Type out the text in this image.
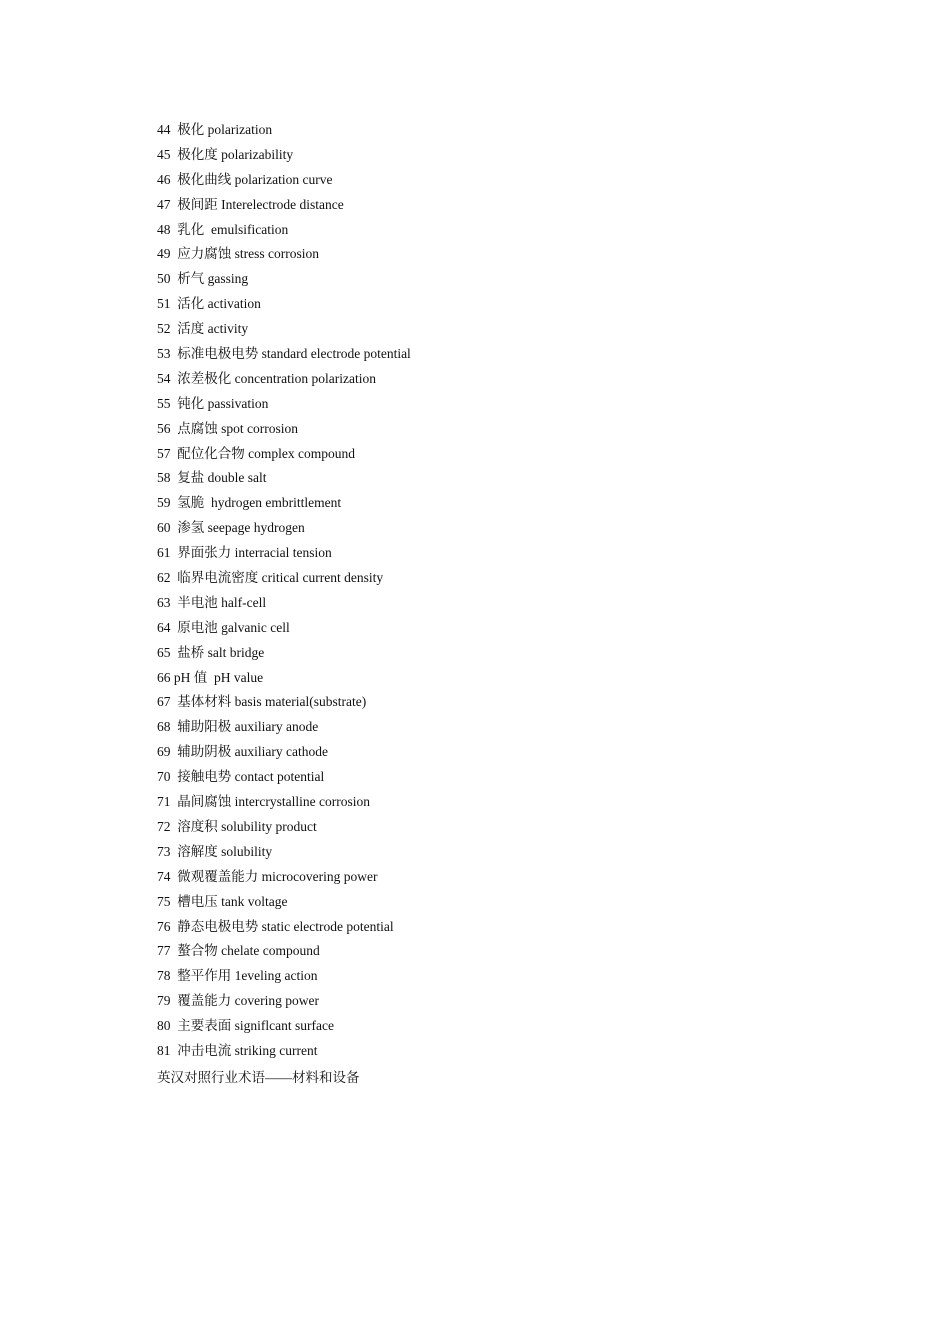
44  极化 polarization
45  极化度 polarizability
46  极化曲线 polarization curve
47  极间距 Interelectrode distance
48  乳化  emulsification
49  应力腐蚀 stress corrosion
50  析气 gassing
51  活化 activation
52  活度 activity
53  标准电极电势 standard electrode potential
54  浓差极化 concentration polarization
55  钝化 passivation
56  点腐蚀 spot corrosion
57  配位化合物 complex compound
58  复盐 double salt
59  氢脆  hydrogen embrittlement
60  渗氢 seepage hydrogen
61  界面张力 interracial tension
62  临界电流密度 critical current density
63  半电池 half-cell
64  原电池 galvanic cell
65  盐桥 salt bridge
66 pH 值  pH value
67  基体材料 basis material(substrate)
68  辅助阳极 auxiliary anode
69  辅助阴极 auxiliary cathode
70  接触电势 contact potential
71  晶间腐蚀 intercrystalline corrosion
72  溶度积 solubility product
73  溶解度 solubility
74  微观覆盖能力 microcovering power
75  槽电压 tank voltage
76  静态电极电势 static electrode potential
77  螯合物 chelate compound
78  整平作用 1eveling action
79  覆盖能力 covering power
80  主要表面 signiflcant surface
81  冲击电流 striking current
英汉对照行业术语——材料和设备
